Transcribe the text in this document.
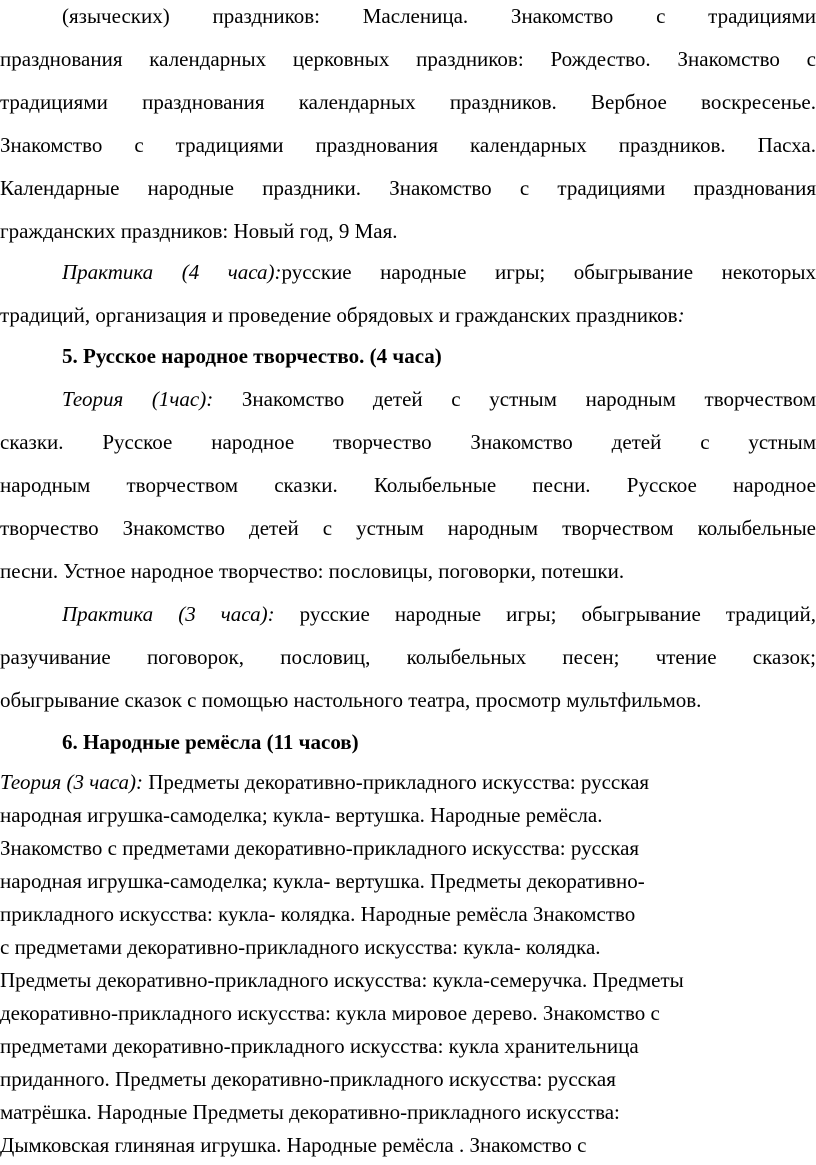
(языческих) праздников: Масленица. Знакомство с традициями
празднования календарных церковных праздников: Рождество. Знакомство с
традициями празднования календарных праздников. Вербное воскресенье.
Знакомство с традициями празднования календарных праздников. Пасха.
Календарные народные праздники. Знакомство с традициями празднования
гражданских праздников: Новый год, 9 Мая.
Практика (4 часа):русские народные игры; обыгрывание некоторых
традиций, организация и проведение обрядовых и гражданских праздников:
5. Русское народное творчество. (4 часа)
Теория (1час): Знакомство детей с устным народным творчеством
сказки. Русское народное творчество Знакомство детей с устным
народным творчеством сказки. Колыбельные песни. Русское народное
творчество Знакомство детей с устным народным творчеством колыбельные
песни. Устное народное творчество: пословицы, поговорки, потешки.
Практика (3 часа): русские народные игры; обыгрывание традиций,
разучивание поговорок, пословиц, колыбельных песен; чтение сказок;
обыгрывание сказок с помощью настольного театра, просмотр мультфильмов.
6. Народные ремёсла (11 часов)
Теория (3 часа): Предметы декоративно-прикладного искусства: русская
народная игрушка-самоделка; кукла- вертушка. Народные ремёсла.
Знакомство с предметами декоративно-прикладного искусства: русская
народная игрушка-самоделка; кукла- вертушка. Предметы декоративно-
прикладного искусства: кукла- колядка. Народные ремёсла Знакомство
с предметами декоративно-прикладного искусства: кукла- колядка.
Предметы декоративно-прикладного искусства: кукла-семеручка. Предметы
декоративно-прикладного искусства: кукла мировое дерево. Знакомство с
предметами декоративно-прикладного искусства: кукла хранительница
приданного. Предметы декоративно-прикладного искусства: русская
матрёшка. Народные Предметы декоративно-прикладного искусства:
Дымковская глиняная игрушка. Народные ремёсла . Знакомство с
